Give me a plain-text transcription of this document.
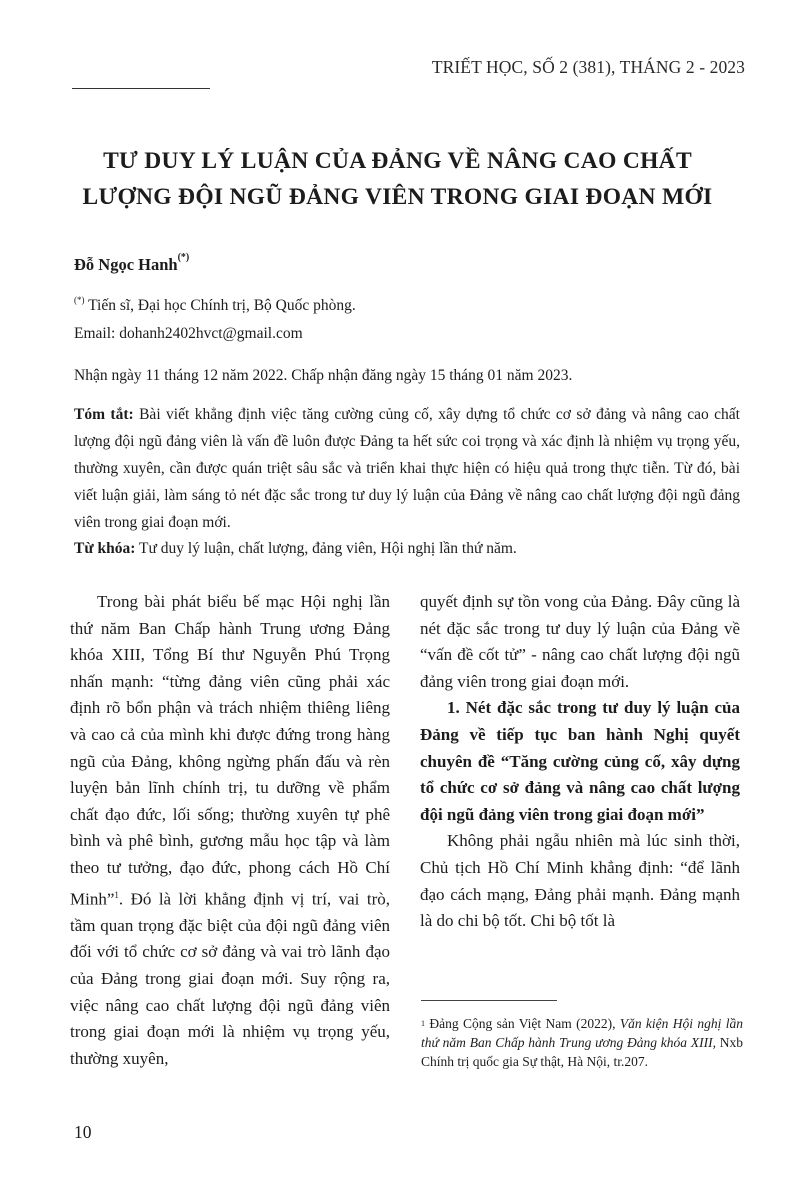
TRIẾT HỌC, SỐ 2 (381), THÁNG 2 - 2023
TƯ DUY LÝ LUẬN CỦA ĐẢNG VỀ NÂNG CAO CHẤT
LƯỢNG ĐỘI NGŨ ĐẢNG VIÊN TRONG GIAI ĐOẠN MỚI
Đỗ Ngọc Hanh(*)
(*) Tiến sĩ, Đại học Chính trị, Bộ Quốc phòng.
Email: dohanh2402hvct@gmail.com
Nhận ngày 11 tháng 12 năm 2022. Chấp nhận đăng ngày 15 tháng 01 năm 2023.
Tóm tắt: Bài viết khẳng định việc tăng cường củng cố, xây dựng tổ chức cơ sở đảng và nâng cao chất lượng đội ngũ đảng viên là vấn đề luôn được Đảng ta hết sức coi trọng và xác định là nhiệm vụ trọng yếu, thường xuyên, cần được quán triệt sâu sắc và triển khai thực hiện có hiệu quả trong thực tiễn. Từ đó, bài viết luận giải, làm sáng tỏ nét đặc sắc trong tư duy lý luận của Đảng về nâng cao chất lượng đội ngũ đảng viên trong giai đoạn mới.
Từ khóa: Tư duy lý luận, chất lượng, đảng viên, Hội nghị lần thứ năm.

Trong bài phát biểu bế mạc Hội nghị lần thứ năm Ban Chấp hành Trung ương Đảng khóa XIII, Tổng Bí thư Nguyễn Phú Trọng nhấn mạnh: “từng đảng viên cũng phải xác định rõ bổn phận và trách nhiệm thiêng liêng và cao cả của mình khi được đứng trong hàng ngũ của Đảng, không ngừng phấn đấu và rèn luyện bản lĩnh chính trị, tu dưỡng về phẩm chất đạo đức, lối sống; thường xuyên tự phê bình và phê bình, gương mẫu học tập và làm theo tư tưởng, đạo đức, phong cách Hồ Chí Minh”$^1$. Đó là lời khẳng định vị trí, vai trò, tầm quan trọng đặc biệt của đội ngũ đảng viên đối với tổ chức cơ sở đảng và vai trò lãnh đạo của Đảng trong giai đoạn mới. Suy rộng ra, việc nâng cao chất lượng đội ngũ đảng viên trong giai đoạn mới là nhiệm vụ trọng yếu, thường xuyên,

quyết định sự tồn vong của Đảng. Đây cũng là nét đặc sắc trong tư duy lý luận của Đảng về “vấn đề cốt tử” - nâng cao chất lượng đội ngũ đảng viên trong giai đoạn mới.

1. Nét đặc sắc trong tư duy lý luận của Đảng về tiếp tục ban hành Nghị quyết chuyên đề “Tăng cường củng cố, xây dựng tổ chức cơ sở đảng và nâng cao chất lượng đội ngũ đảng viên trong giai đoạn mới”

Không phải ngẫu nhiên mà lúc sinh thời, Chủ tịch Hồ Chí Minh khẳng định: “để lãnh đạo cách mạng, Đảng phải mạnh. Đảng mạnh là do chi bộ tốt. Chi bộ tốt là

$^1$ Đảng Cộng sản Việt Nam (2022), Văn kiện Hội nghị lần thứ năm Ban Chấp hành Trung ương Đảng khóa XIII, Nxb Chính trị quốc gia Sự thật, Hà Nội, tr.207.
10
